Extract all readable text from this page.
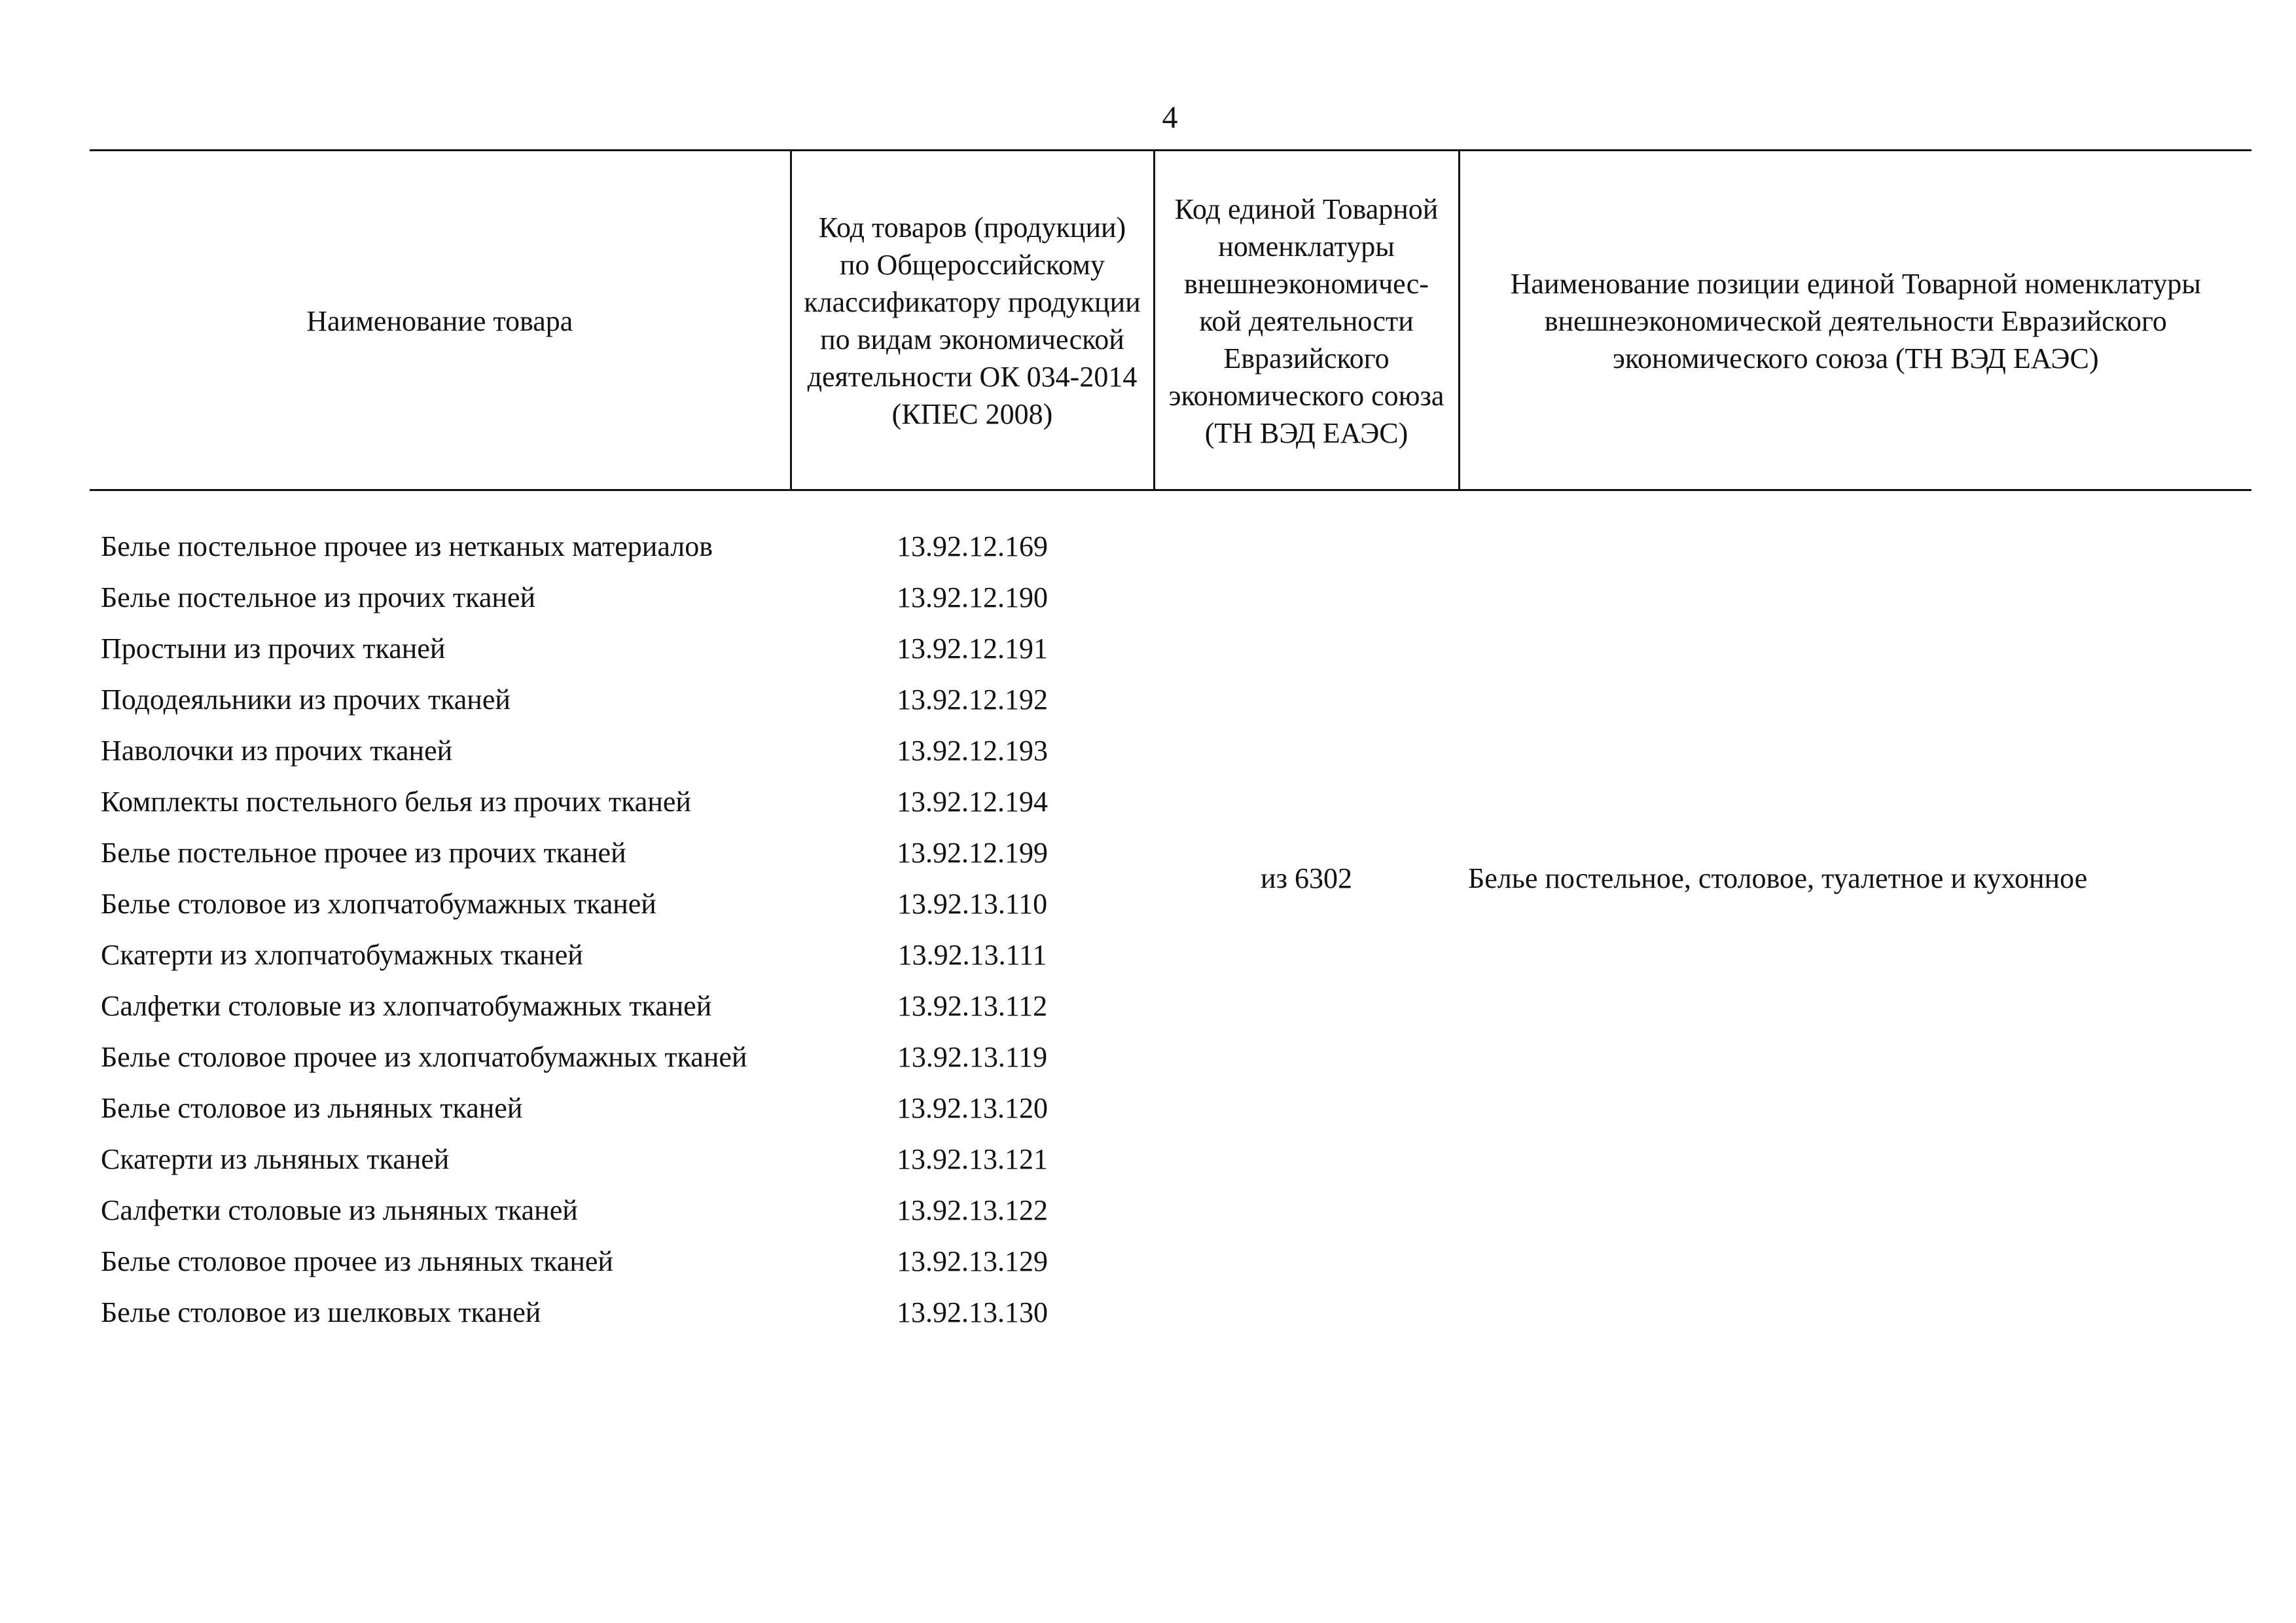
4
Наименование товара	Код товаров (продукции) по Общероссийскому классификатору продукции по видам экономической деятельности ОК 034-2014 (КПЕС 2008)	Код единой Товарной номенклатуры внешнеэкономичес-кой деятельности Евразийского экономического союза (ТН ВЭД ЕАЭС)	Наименование позиции единой Товарной номенклатуры внешнеэкономической деятельности Евразийского экономического союза (ТН ВЭД ЕАЭС)
Белье постельное прочее из нетканых материалов	13.92.12.169	из 6302	Белье постельное, столовое, туалетное и кухонное
Белье постельное из прочих тканей	13.92.12.190		
Простыни из прочих тканей	13.92.12.191		
Пододеяльники из прочих тканей	13.92.12.192		
Наволочки из прочих тканей	13.92.12.193		
Комплекты постельного белья из прочих тканей	13.92.12.194		
Белье постельное прочее из прочих тканей	13.92.12.199		
Белье столовое из хлопчатобумажных тканей	13.92.13.110		
Скатерти из хлопчатобумажных тканей	13.92.13.111		
Салфетки столовые из хлопчатобумажных тканей	13.92.13.112		
Белье столовое прочее из хлопчатобумажных тканей	13.92.13.119		
Белье столовое из льняных тканей	13.92.13.120		
Скатерти из льняных тканей	13.92.13.121		
Салфетки столовые из льняных тканей	13.92.13.122		
Белье столовое прочее из льняных тканей	13.92.13.129		
Белье столовое из шелковых тканей	13.92.13.130		
